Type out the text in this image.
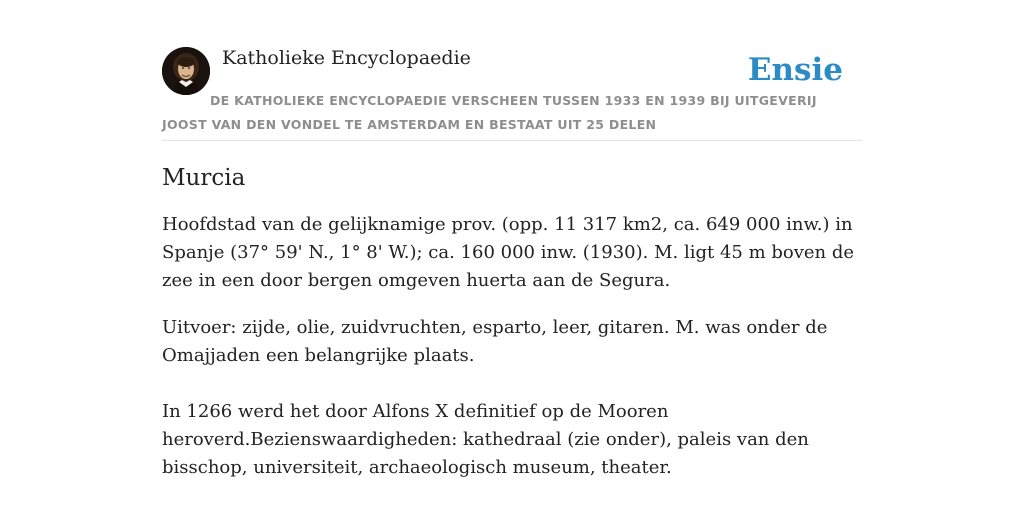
Katholieke Encyclopaedie	Ensie
DE KATHOLIEKE ENCYCLOPAEDIE VERSCHEEN TUSSEN 1933 EN 1939 BIJ UITGEVERIJ JOOST VAN DEN VONDEL TE AMSTERDAM EN BESTAAT UIT 25 DELEN
Murcia

Hoofdstad van de gelijknamige prov. (opp. 11 317 km2, ca. 649 000 inw.) in Spanje (37° 59' N., 1° 8' W.); ca. 160 000 inw. (1930). M. ligt 45 m boven de zee in een door bergen omgeven huerta aan de Segura.

Uitvoer: zijde, olie, zuidvruchten, esparto, leer, gitaren. M. was onder de Omajjaden een belangrijke plaats.

In 1266 werd het door Alfons X definitief op de Mooren heroverd.Bezienswaardigheden: kathedraal (zie onder), paleis van den bisschop, universiteit, archaeologisch museum, theater.
